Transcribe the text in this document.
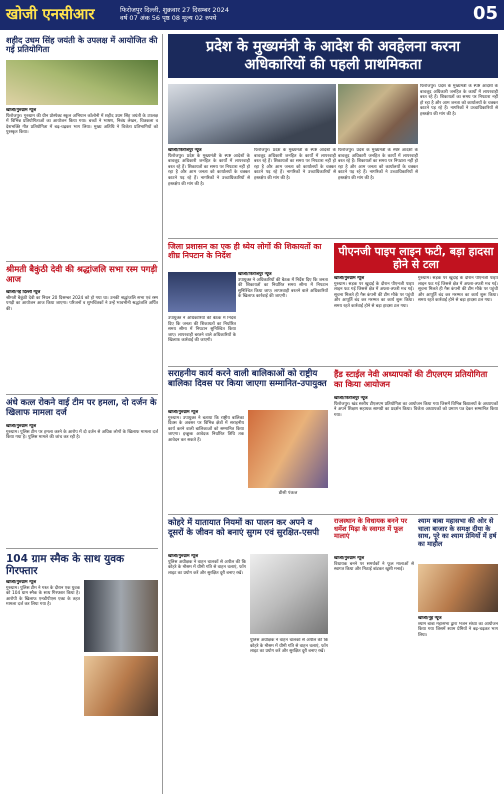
खोजी एनसीआर	फिरोजपुर दिल्ली, शुक्रवार 27 दिसम्बर 2024
वर्ष 07 अंक 56 पृष्ठ 08 मूल्य 02 रुपये	05
शहीद उधम सिंह जयंती के उपलक्ष में आयोजित की गई प्रतियोगिता
खोजी/गुरुग्राम न्यूज
फिरोजपुर। गुरुग्राम की ग्रीन प्रोस्पेक्ट स्कूल अभियान कॉलोनी में शहीद उधम सिंह जयंती के उपलक्ष में विभिन्न प्रतियोगिताओं का आयोजन किया गया। बच्चों ने भाषण, निबंध लेखन, चित्रकला व देशभक्ति गीत प्रतियोगिता में बढ़-चढ़कर भाग लिया। मुख्य अतिथि ने विजेता प्रतिभागियों को पुरस्कृत किया।
श्रीमती बैकुंठी देवी की श्रद्धांजलि सभा रस्म पगड़ी आज
खोजी/नई दिल्ली न्यूज
श्रीमती बैकुंठी देवी का निधन 20 दिसम्बर 2024 को हो गया था। उनकी श्रद्धांजलि सभा एवं रस्म पगड़ी का आयोजन आज किया जाएगा। परिजनों व शुभचिंतकों ने उन्हें भावभीनी श्रद्धांजलि अर्पित की।
अंधे कत्ल रोकने वाई टीम पर हमला, दो दर्जन के खिलाफ मामला दर्ज
खोजी/गुरुग्राम न्यूज
गुरुग्राम। पुलिस टीम पर हमला करने के आरोप में दो दर्जन से अधिक लोगों के खिलाफ मामला दर्ज किया गया है। पुलिस मामले की जांच कर रही है।
104 ग्राम स्मैक के साथ युवक गिरफ्तार
खोजी/गुरुग्राम न्यूज
गुरुग्राम। पुलिस टीम ने गश्त के दौरान एक युवक को 104 ग्राम स्मैक के साथ गिरफ्तार किया है। आरोपी के खिलाफ एनडीपीएस एक्ट के तहत मामला दर्ज कर लिया गया है।
प्रदेश के मुख्यमंत्री के आदेश की अवहेलना करना अधिकारियों की पहली प्राथमिकता
फिरोजपुर। प्रदेश के मुख्यमंत्री के स्पष्ट आदेशों के बावजूद अधिकारी जनहित के कार्यों में लापरवाही बरत रहे हैं। शिकायतों का समय पर निपटारा नहीं हो रहा है और आम जनता को कार्यालयों के चक्कर काटने पड़ रहे हैं। नागरिकों ने उच्चाधिकारियों से हस्तक्षेप की मांग की है।
खोजी/फिरोजपुर न्यूज
फिरोजपुर। प्रदेश के मुख्यमंत्री के स्पष्ट आदेशों के बावजूद अधिकारी जनहित के कार्यों में लापरवाही बरत रहे हैं। शिकायतों का समय पर निपटारा नहीं हो रहा है और आम जनता को कार्यालयों के चक्कर काटने पड़ रहे हैं। नागरिकों ने उच्चाधिकारियों से हस्तक्षेप की मांग की है।
फिरोजपुर। प्रदेश के मुख्यमंत्री के स्पष्ट आदेशों के बावजूद अधिकारी जनहित के कार्यों में लापरवाही बरत रहे हैं। शिकायतों का समय पर निपटारा नहीं हो रहा है और आम जनता को कार्यालयों के चक्कर काटने पड़ रहे हैं। नागरिकों ने उच्चाधिकारियों से हस्तक्षेप की मांग की है।
फिरोजपुर। प्रदेश के मुख्यमंत्री के स्पष्ट आदेशों के बावजूद अधिकारी जनहित के कार्यों में लापरवाही बरत रहे हैं। शिकायतों का समय पर निपटारा नहीं हो रहा है और आम जनता को कार्यालयों के चक्कर काटने पड़ रहे हैं। नागरिकों ने उच्चाधिकारियों से हस्तक्षेप की मांग की है।
जिला प्रशासन का एक ही ध्येय लोगों की शिकायतों का शीघ्र निपटान के निर्देश
खोजी/फिरोजपुर न्यूज
उपायुक्त ने अधिकारियों की बैठक में निर्देश दिए कि जनता की शिकायतों का निर्धारित समय सीमा में निपटान सुनिश्चित किया जाए। लापरवाही बरतने वाले अधिकारियों के खिलाफ कार्रवाई की जाएगी।
उपायुक्त ने अधिकारियों की बैठक में निर्देश दिए कि जनता की शिकायतों का निर्धारित समय सीमा में निपटान सुनिश्चित किया जाए। लापरवाही बरतने वाले अधिकारियों के खिलाफ कार्रवाई की जाएगी।
पीएनजी पाइप लाइन फटी, बड़ा हादसा होने से टला
खोजी/गुरुग्राम न्यूज
गुरुग्राम। सड़क पर खुदाई के दौरान पीएनजी पाइप लाइन फट गई जिससे क्षेत्र में अफरा-तफरी मच गई। सूचना मिलते ही गैस कंपनी की टीम मौके पर पहुंची और आपूर्ति बंद कर मरम्मत का कार्य शुरू किया। समय रहते कार्रवाई होने से बड़ा हादसा टल गया।
गुरुग्राम। सड़क पर खुदाई के दौरान पीएनजी पाइप लाइन फट गई जिससे क्षेत्र में अफरा-तफरी मच गई। सूचना मिलते ही गैस कंपनी की टीम मौके पर पहुंची और आपूर्ति बंद कर मरम्मत का कार्य शुरू किया। समय रहते कार्रवाई होने से बड़ा हादसा टल गया।
सराहनीय कार्य करने वाली बालिकाओं को राष्ट्रीय बालिका दिवस पर किया जाएगा सम्मानित-उपायुक्त
खोजी/गुरुग्राम न्यूज
गुरुग्राम। उपायुक्त ने बताया कि राष्ट्रीय बालिका दिवस के अवसर पर विभिन्न क्षेत्रों में सराहनीय कार्य करने वाली बालिकाओं को सम्मानित किया जाएगा। इच्छुक आवेदक निर्धारित तिथि तक आवेदन कर सकते हैं।
डीसी पंकज
हैंड स्टाईल नेवी अध्यापकों की टीएलएम प्रतियोगिता का किया आयोजन
खोजी/फिरोजपुर न्यूज
फिरोजपुर। खंड स्तरीय टीएलएम प्रतियोगिता का आयोजन किया गया जिसमें विभिन्न विद्यालयों के अध्यापकों ने अपने शिक्षण सहायक सामग्री का प्रदर्शन किया। विजेता अध्यापकों को प्रमाण पत्र देकर सम्मानित किया गया।
कोहरे में यातायात नियमों का पालन कर अपने व दूसरों के जीवन को बनाएं सुगम एवं सुरक्षित-एसपी
खोजी/गुरुग्राम न्यूज
पुलिस अधीक्षक ने वाहन चालकों से अपील की कि कोहरे के मौसम में धीमी गति से वाहन चलाएं, फॉग लाइट का प्रयोग करें और सुरक्षित दूरी बनाए रखें।
पुलिस अधीक्षक ने वाहन चालकों से अपील की कि कोहरे के मौसम में धीमी गति से वाहन चलाएं, फॉग लाइट का प्रयोग करें और सुरक्षित दूरी बनाए रखें।
राजस्थान के विधायक बनने पर धर्मेश मिढ़ा के स्वागत में फूल मालाएं
खोजी/गुरुग्राम न्यूज
विधायक बनने पर समर्थकों ने फूल मालाओं से स्वागत किया और मिठाई बांटकर खुशी मनाई।
श्याम बाबा महासभा की ओर से चाला बाजार के समक्ष दीया के साथ, पूरे का श्याम प्रेमियों में हर्ष का माहौल
खोजी/नूंह न्यूज
श्याम बाबा महासभा द्वारा भजन संध्या का आयोजन किया गया जिसमें श्याम प्रेमियों ने बढ़-चढ़कर भाग लिया।
